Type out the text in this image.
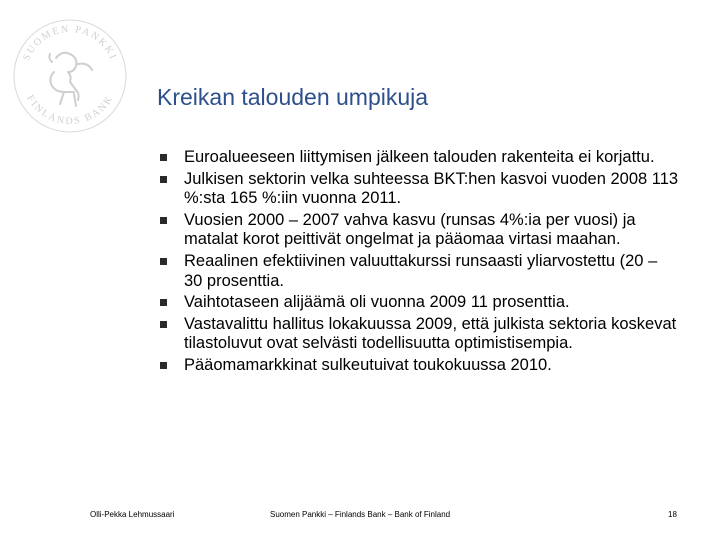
SUOMEN PANKKI
FINLANDS BANK Kreikan talouden umpikuja
Euroalueeseen liittymisen jälkeen talouden rakenteita ei korjattu.
Julkisen sektorin velka suhteessa BKT:hen kasvoi vuoden 2008 113 %:sta 165 %:iin vuonna 2011.
Vuosien 2000 – 2007 vahva kasvu (runsas 4%:ia per vuosi) ja matalat korot peittivät ongelmat ja pääomaa virtasi maahan.
Reaalinen efektiivinen valuuttakurssi runsaasti yliarvostettu (20 – 30 prosenttia.
Vaihtotaseen alijäämä oli vuonna 2009 11 prosenttia.
Vastavalittu hallitus lokakuussa 2009, että julkista sektoria koskevat tilastoluvut ovat selvästi todellisuutta optimistisempia.
Pääomamarkkinat sulkeutuivat toukokuussa 2010.
Olli-Pekka Lehmussaari	Suomen Pankki – Finlands Bank – Bank of Finland	18
